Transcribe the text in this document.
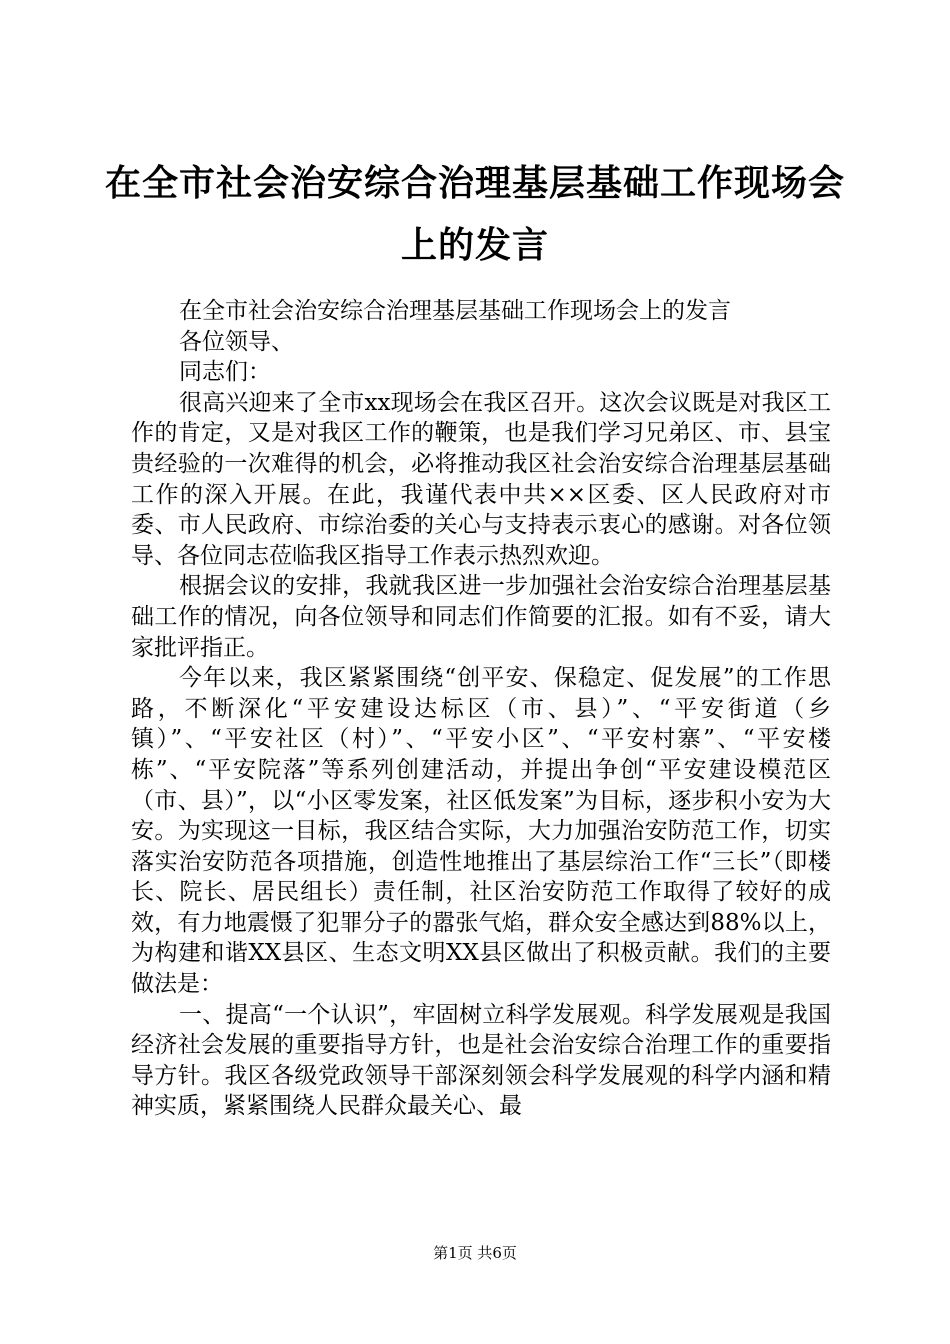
在全市社会治安综合治理基层基础工作现场会
上的发言

在全市社会治安综合治理基层基础工作现场会上的发言

各位领导、

同志们：

很高兴迎来了全市xx现场会在我区召开。这次会议既是对我区工作的肯定，又是对我区工作的鞭策，也是我们学习兄弟区、市、县宝贵经验的一次难得的机会，必将推动我区社会治安综合治理基层基础工作的深入开展。在此，我谨代表中共××区委、区人民政府对市委、市人民政府、市综治委的关心与支持表示衷心的感谢。对各位领导、各位同志莅临我区指导工作表示热烈欢迎。

根据会议的安排，我就我区进一步加强社会治安综合治理基层基础工作的情况，向各位领导和同志们作简要的汇报。如有不妥，请大家批评指正。

今年以来，我区紧紧围绕“创平安、保稳定、促发展”的工作思路，不断深化“平安建设达标区（市、县）”、“平安街道（乡镇）”、“平安社区（村）”、“平安小区”、“平安村寨”、“平安楼栋”、“平安院落”等系列创建活动，并提出争创“平安建设模范区（市、县）”，以“小区零发案，社区低发案”为目标，逐步积小安为大安。为实现这一目标，我区结合实际，大力加强治安防范工作，切实落实治安防范各项措施，创造性地推出了基层综治工作“三长”（即楼长、院长、居民组长）责任制，社区治安防范工作取得了较好的成效，有力地震慑了犯罪分子的嚣张气焰，群众安全感达到88%以上，为构建和谐XX县区、生态文明XX县区做出了积极贡献。我们的主要做法是：

一、提高“一个认识”，牢固树立科学发展观。科学发展观是我国经济社会发展的重要指导方针，也是社会治安综合治理工作的重要指导方针。我区各级党政领导干部深刻领会科学发展观的科学内涵和精神实质，紧紧围绕人民群众最关心、最

第1页 共6页
